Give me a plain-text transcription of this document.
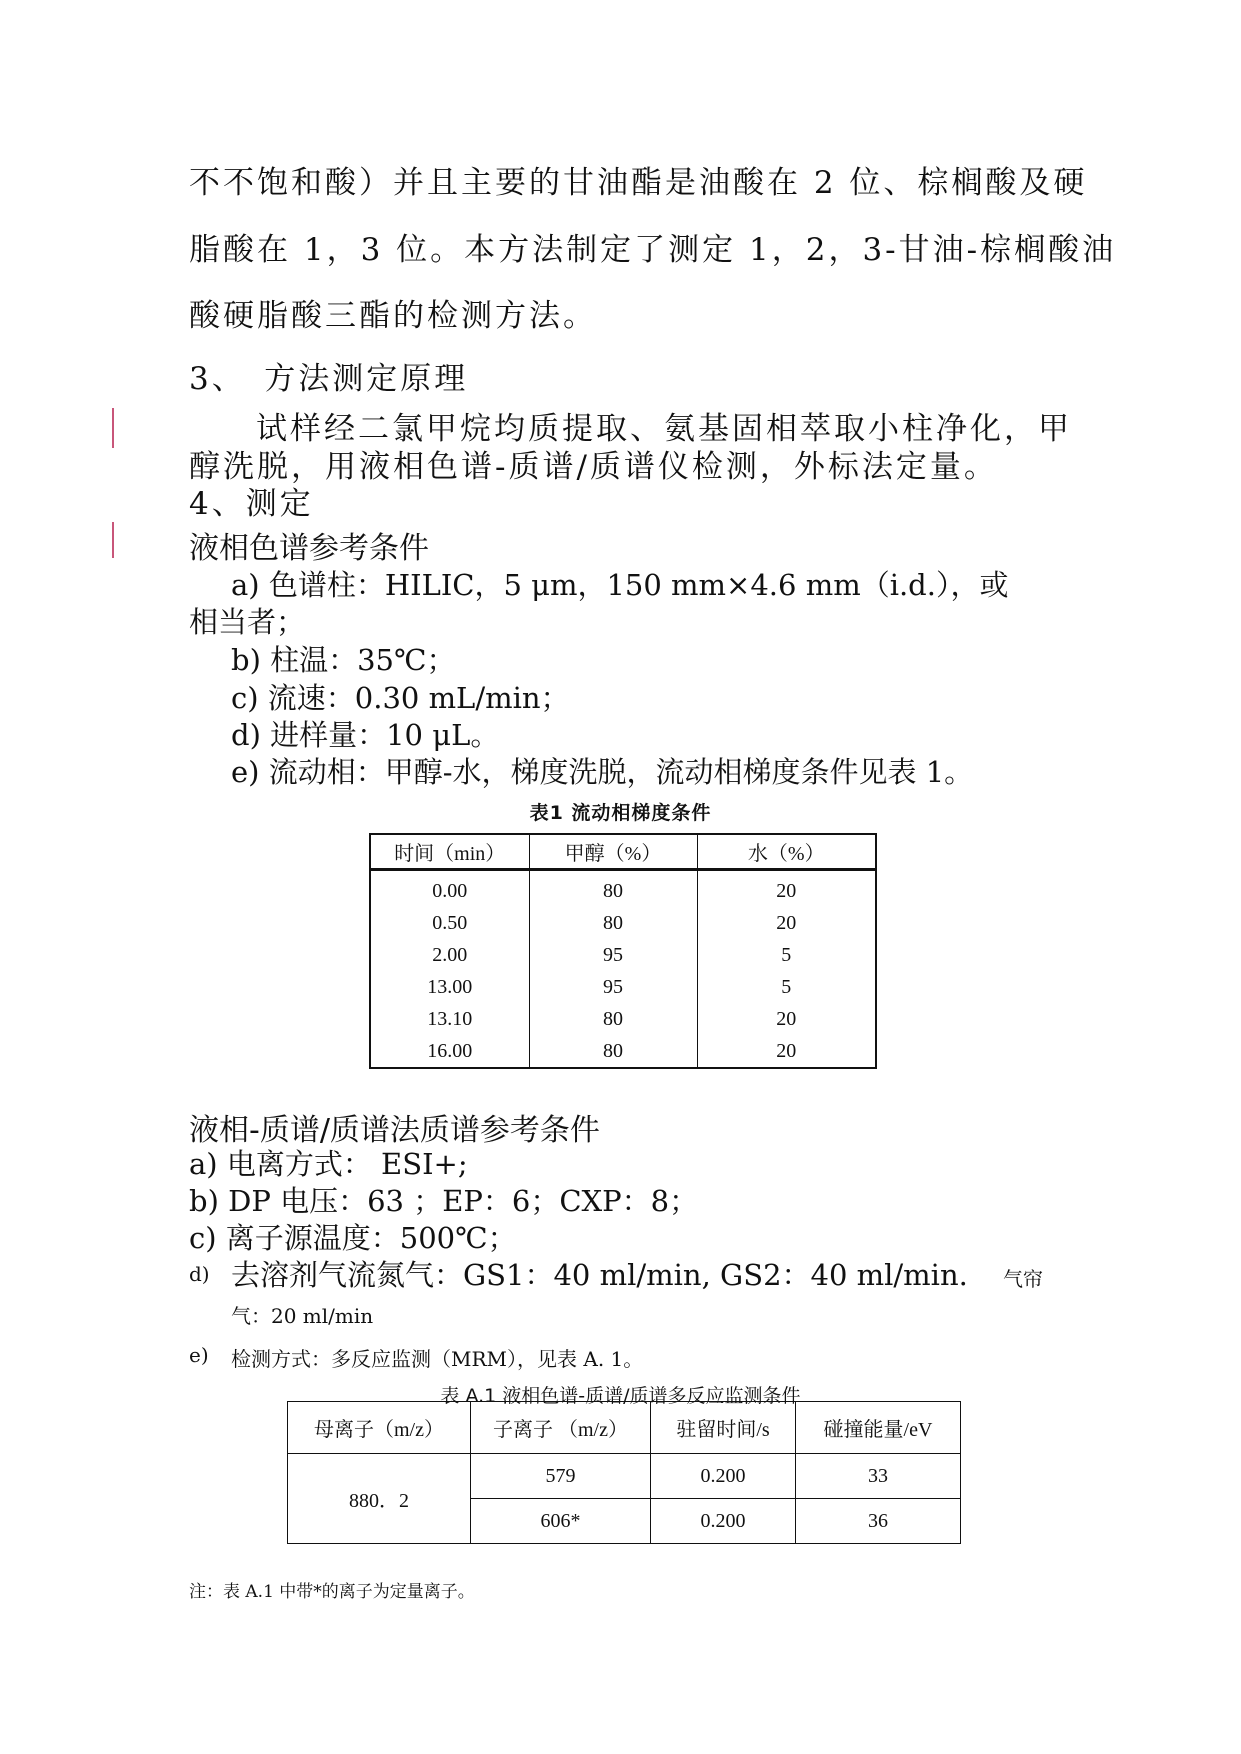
不不饱和酸）并且主要的甘油酯是油酸在 2 位、棕榈酸及硬
脂酸在 1，3 位。本方法制定了测定 1，2，3-甘油-棕榈酸油
酸硬脂酸三酯的检测方法。
3、　方法测定原理
试样经二氯甲烷均质提取、氨基固相萃取小柱净化，甲
醇洗脱，用液相色谱-质谱/质谱仪检测，外标法定量。
4、测定
液相色谱参考条件
a) 色谱柱：HILIC，5 μm，150 mm×4.6 mm（i.d.），或
相当者；
b) 柱温：35℃；
c) 流速：0.30 mL/min；
d) 进样量：10 μL。
e) 流动相：甲醇-水，梯度洗脱，流动相梯度条件见表 1。
表1 流动相梯度条件
时间（min）	甲醇（%）	水（%）
0.00	80	20
0.50	80	20
2.00	95	5
13.00	95	5
13.10	80	20
16.00	80	20
液相-质谱/质谱法质谱参考条件
a) 电离方式： ESI+;
b) DP 电压：63 ；EP：6；CXP：8；
c) 离子源温度：500℃；
d) 去溶剂气流氮气：GS1：40 ml/min, GS2：40 ml/min. 气帘
气：20 ml/min
e) 检测方式：多反应监测（MRM），见表 A. 1。
表 A.1 液相色谱-质谱/质谱多反应监测条件
母离子（m/z）	子离子 （m/z）	驻留时间/s	碰撞能量/eV
880．2	579	0.200	33
	606*	0.200	36
注：表 A.1 中带*的离子为定量离子。
